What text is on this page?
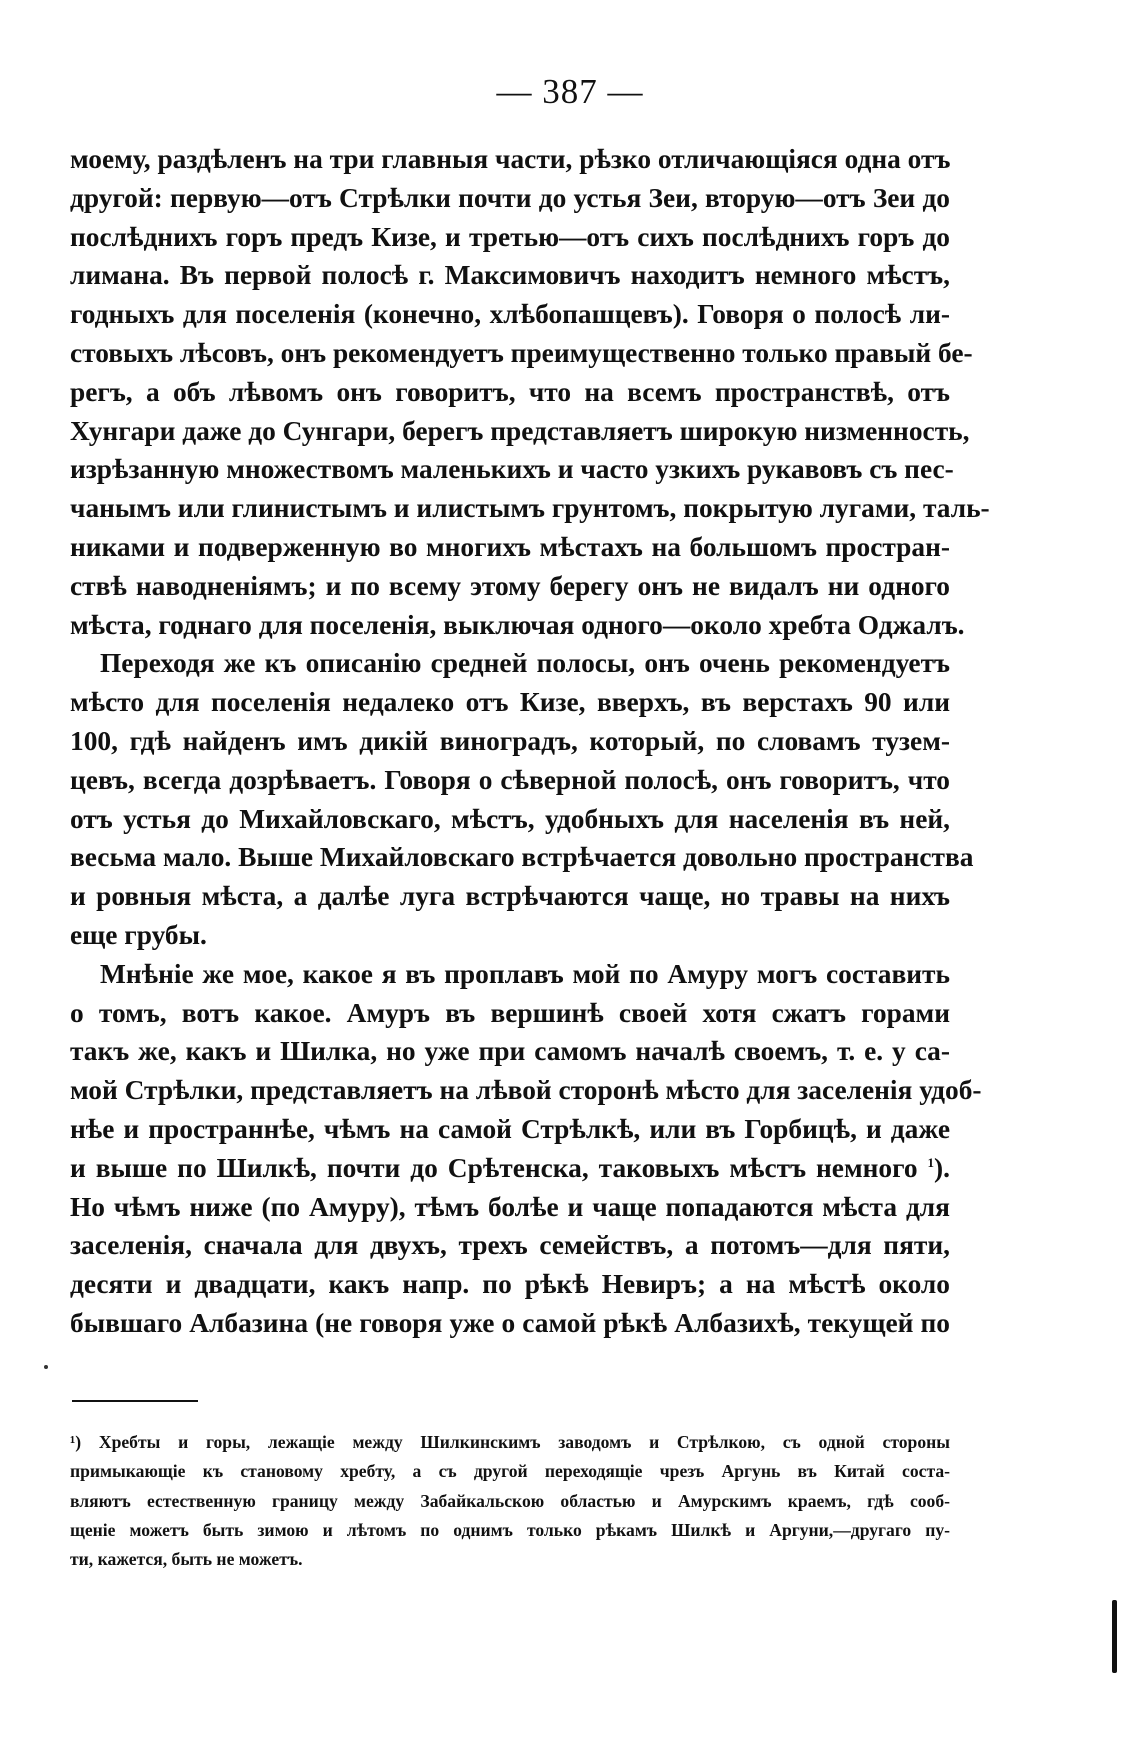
— 387 —
моему, раздѣленъ на три главныя части, рѣзко отличающіяся одна отъ
другой: первую—отъ Стрѣлки почти до устья Зеи, вторую—отъ Зеи до
послѣднихъ горъ предъ Кизе, и третью—отъ сихъ послѣднихъ горъ до
лимана. Въ первой полосѣ г. Максимовичъ находитъ немного мѣстъ,
годныхъ для поселенія (конечно, хлѣбопашцевъ). Говоря о полосѣ ли-
стовыхъ лѣсовъ, онъ рекомендуетъ преимущественно только правый бе-
регъ, а объ лѣвомъ онъ говоритъ, что на всемъ пространствѣ, отъ
Хунгари даже до Сунгари, берегъ представляетъ широкую низменность,
изрѣзанную множествомъ маленькихъ и часто узкихъ рукавовъ съ пес-
чанымъ или глинистымъ и илистымъ грунтомъ, покрытую лугами, таль-
никами и подверженную во многихъ мѣстахъ на большомъ простран-
ствѣ наводненіямъ; и по всему этому берегу онъ не видалъ ни одного
мѣста, годнаго для поселенія, выключая одного—около хребта Оджалъ.
Переходя же къ описанію средней полосы, онъ очень рекомендуетъ
мѣсто для поселенія недалеко отъ Кизе, вверхъ, въ верстахъ 90 или
100, гдѣ найденъ имъ дикій виноградъ, который, по словамъ тузем-
цевъ, всегда дозрѣваетъ. Говоря о сѣверной полосѣ, онъ говоритъ, что
отъ устья до Михайловскаго, мѣстъ, удобныхъ для населенія въ ней,
весьма мало. Выше Михайловскаго встрѣчается довольно пространства
и ровныя мѣста, а далѣе луга встрѣчаются чаще, но травы на нихъ
еще грубы.
Мнѣніе же мое, какое я въ проплавъ мой по Амуру могъ составить
о томъ, вотъ какое. Амуръ въ вершинѣ своей хотя сжатъ горами
такъ же, какъ и Шилка, но уже при самомъ началѣ своемъ, т. е. у са-
мой Стрѣлки, представляетъ на лѣвой сторонѣ мѣсто для заселенія удоб-
нѣе и пространнѣе, чѣмъ на самой Стрѣлкѣ, или въ Горбицѣ, и даже
и выше по Шилкѣ, почти до Срѣтенска, таковыхъ мѣстъ немного $^1$).
Но чѣмъ ниже (по Амуру), тѣмъ болѣе и чаще попадаются мѣста для
заселенія, сначала для двухъ, трехъ семействъ, а потомъ—для пяти,
десяти и двадцати, какъ напр. по рѣкѣ Невиръ; а на мѣстѣ около
бывшаго Албазина (не говоря уже о самой рѣкѣ Албазихѣ, текущей по
¹) Хребты и горы, лежащіе между Шилкинскимъ заводомъ и Стрѣлкою, съ одной стороны
примыкающіе къ становому хребту, а съ другой переходящіе чрезъ Аргунь въ Китай соста-
вляютъ естественную границу между Забайкальскою областью и Амурскимъ краемъ, гдѣ сооб-
щеніе можетъ быть зимою и лѣтомъ по однимъ только рѣкамъ Шилкѣ и Аргуни,—другаго пу-
ти, кажется, быть не можетъ.
